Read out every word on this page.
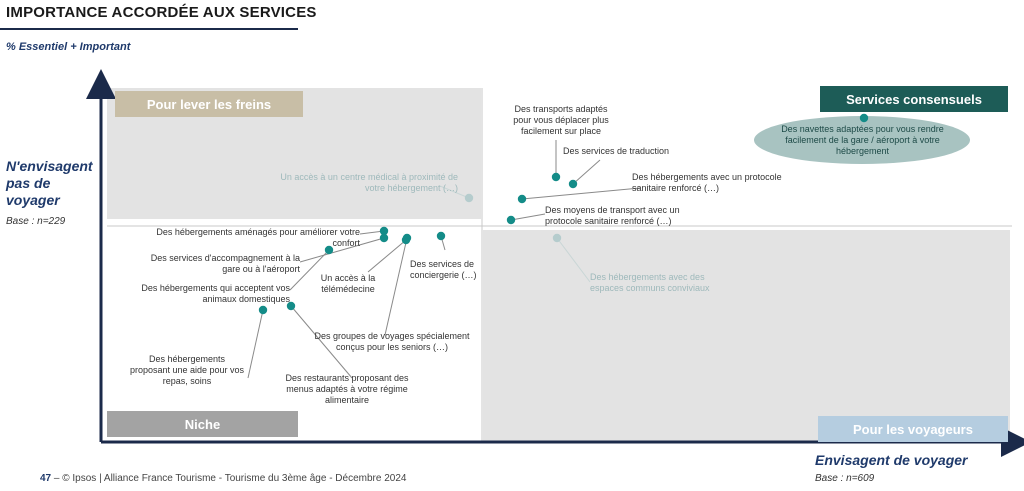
IMPORTANCE ACCORDÉE AUX SERVICES
% Essentiel + Important
Pour lever les freins	Services consensuels
Niche	Pour les voyageurs
Des navettes adaptées pour vous rendre facilement de la gare / aéroport à votre hébergement
Des transports adaptés pour vous déplacer plus facilement sur place
Des services de traduction
Des hébergements avec un protocole sanitaire renforcé (…)
Des moyens de transport avec un protocole sanitaire renforcé (…)
Un accès à un centre médical à proximité de votre hébergement (…)
Des hébergements avec des espaces communs conviviaux
Des hébergements aménagés pour améliorer votre confort
Des services d'accompagnement à la gare ou à l'aéroport
Un accès à la télémédecine
Des services de conciergerie (…)
Des hébergements qui acceptent vos animaux domestiques
Des hébergements proposant une aide pour vos repas, soins
Des groupes de voyages spécialement conçus pour les seniors (…)
Des restaurants proposant des menus adaptés à votre régime alimentaire
N'envisagent pas de voyager
Base : n=229
Envisagent de voyager
Base : n=609
47 – © Ipsos | Alliance France Tourisme - Tourisme du 3ème âge - Décembre 2024
